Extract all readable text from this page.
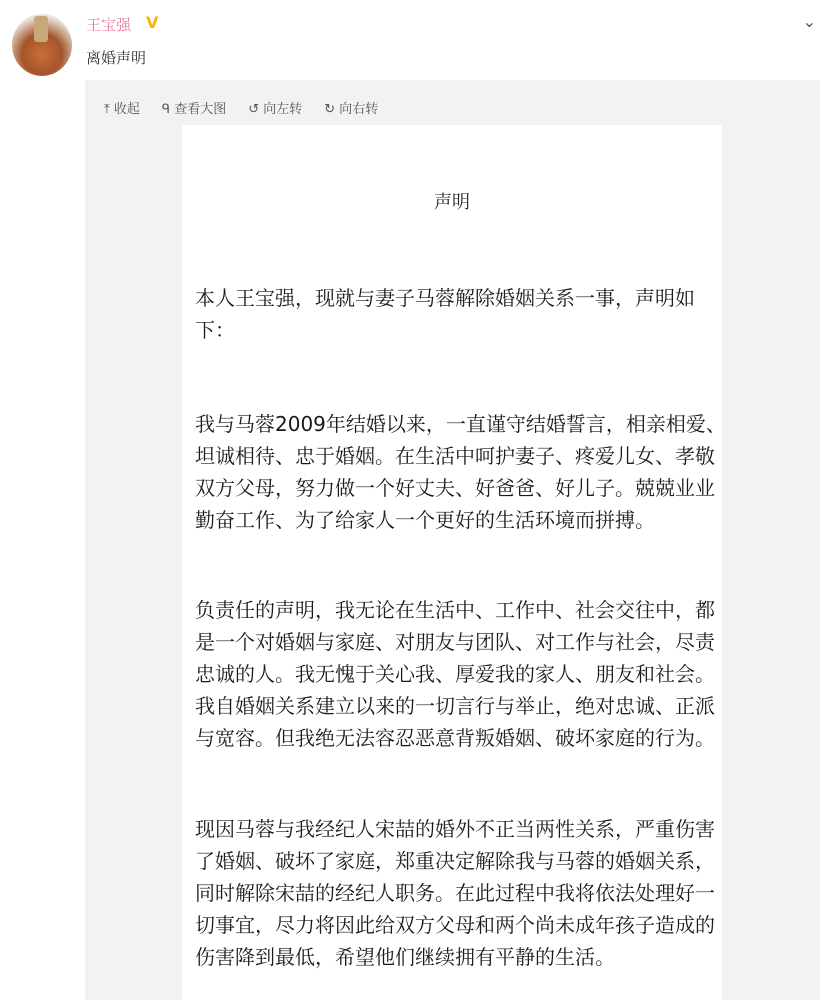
王宝强 V
离婚声明
⌄
⤒ 收起 ᑫ 查看大图 ↺ 向左转 ↻ 向右转
声明
本人王宝强，现就与妻子马蓉解除婚姻关系一事，声明如
下：
我与马蓉2009年结婚以来，一直谨守结婚誓言，相亲相爱、
坦诚相待、忠于婚姻。在生活中呵护妻子、疼爱儿女、孝敬
双方父母，努力做一个好丈夫、好爸爸、好儿子。兢兢业业
勤奋工作、为了给家人一个更好的生活环境而拼搏。
负责任的声明，我无论在生活中、工作中、社会交往中，都
是一个对婚姻与家庭、对朋友与团队、对工作与社会，尽责
忠诚的人。我无愧于关心我、厚爱我的家人、朋友和社会。
我自婚姻关系建立以来的一切言行与举止，绝对忠诚、正派
与宽容。但我绝无法容忍恶意背叛婚姻、破坏家庭的行为。
现因马蓉与我经纪人宋喆的婚外不正当两性关系，严重伤害
了婚姻、破坏了家庭，郑重决定解除我与马蓉的婚姻关系，
同时解除宋喆的经纪人职务。在此过程中我将依法处理好一
切事宜，尽力将因此给双方父母和两个尚未成年孩子造成的
伤害降到最低，希望他们继续拥有平静的生活。
